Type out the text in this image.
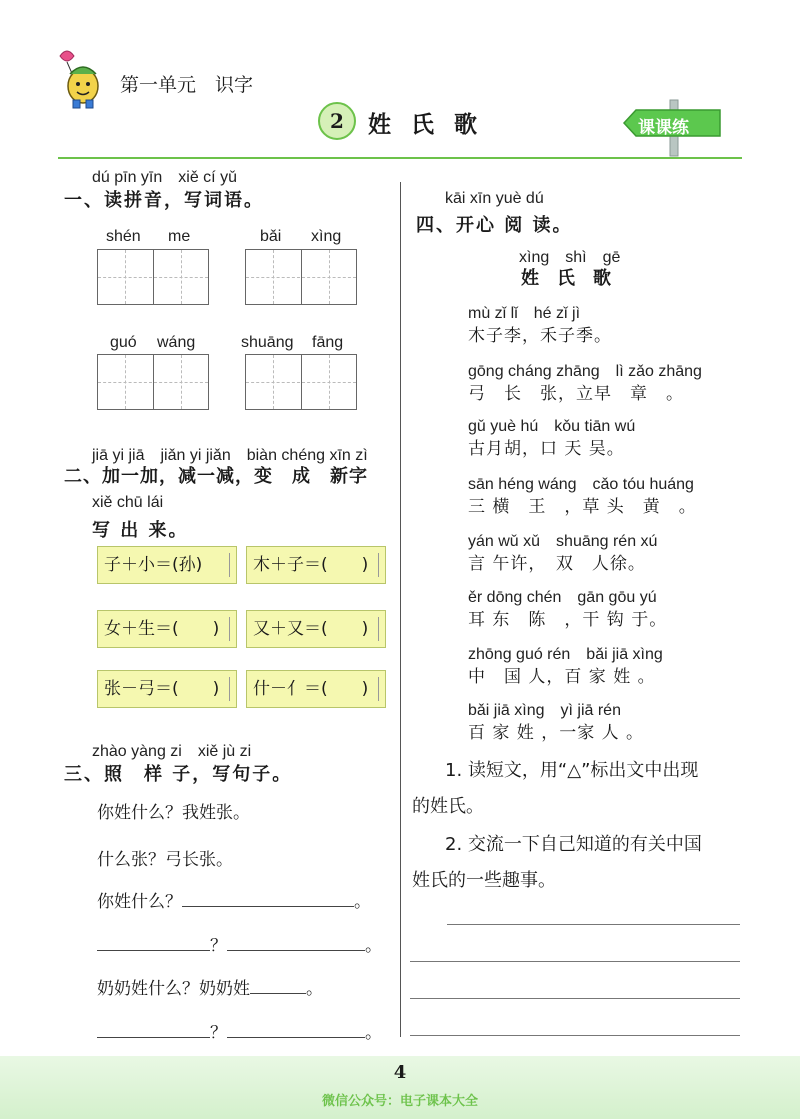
第一单元　识字
2	姓 氏 歌	课课练
dú pīn yīn　xiě cí yǔ
一、读拼音，写词语。
shén me	bǎi xìng
guó wáng	shuāng fāng
jiā yi jiā　jiǎn yi jiǎn　biàn chéng xīn zì
二、加一加，减一减，变　成　新字
xiě chū lái
写 出 来。
子＋小＝(孙)	木＋子＝(　　)
女＋生＝(　　)	又＋又＝(　　)
张－弓＝(　　)	什－亻＝(　　)
zhào yàng zi　xiě jù zi
三、照　样 子，写句子。
你姓什么？我姓张。
什么张？弓长张。
你姓什么？	。
？	。
奶奶姓什么？奶奶姓	。
？	。
kāi xīn yuè dú
四、开心 阅 读。
xìng　shì　gē
姓　氏　歌
mù zǐ lǐ　hé zǐ jì
木子李，禾子季。
gōng cháng zhāng　lì zǎo zhāng
弓　长　张，立早　章　。
gǔ yuè hú　kǒu tiān wú
古月胡，口 天 吴。
sān héng wáng　cǎo tóu huáng
三 横　王　，草 头　黄　。
yán wǔ xǔ　shuāng rén xú
言 午许，　双　人徐。
ěr dōng chén　gān gōu yú
耳 东　陈　，干 钩 于。
zhōng guó rén　bǎi jiā xìng
中　国 人，百 家 姓 。
bǎi jiā xìng　yì jiā rén
百 家 姓 ，一家 人 。
1. 读短文，用“△”标出文中出现
的姓氏。
2. 交流一下自己知道的有关中国
姓氏的一些趣事。
4
微信公众号：电子课本大全
